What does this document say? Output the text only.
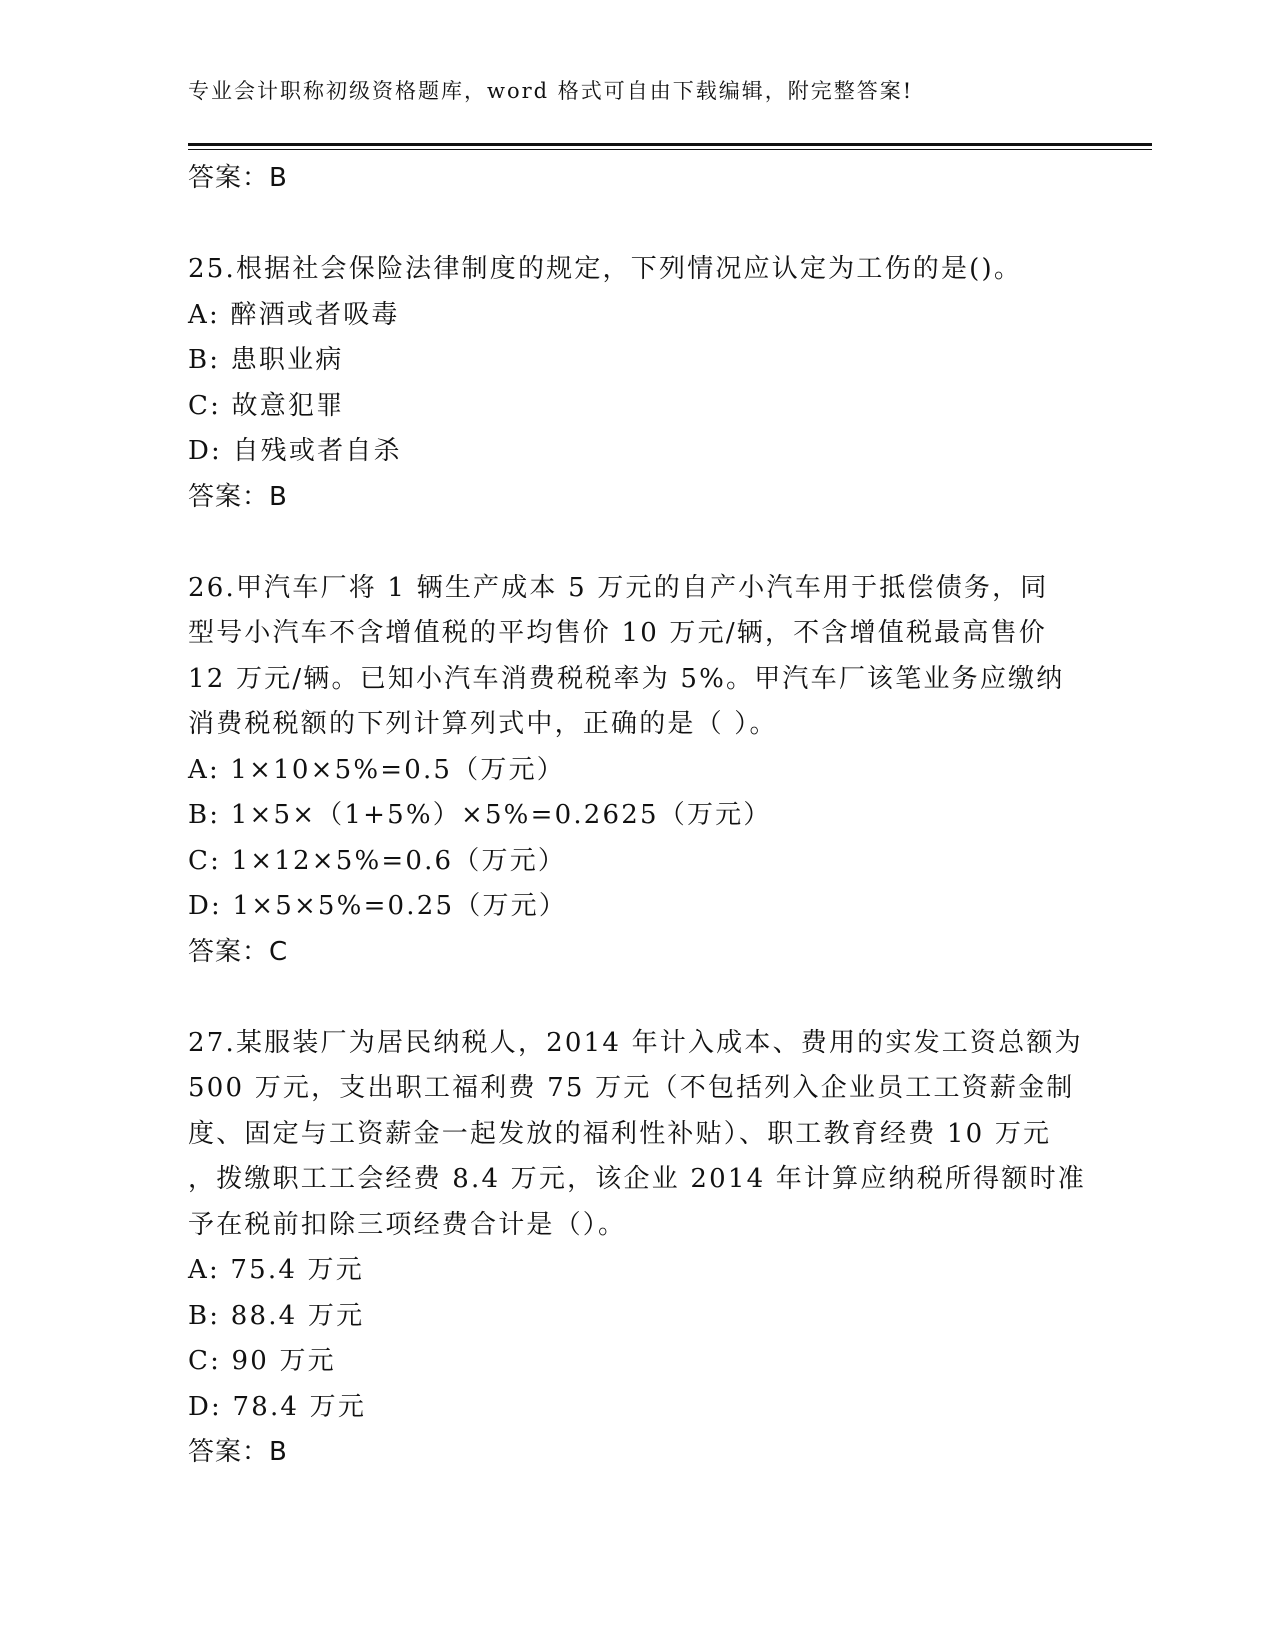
专业会计职称初级资格题库，word 格式可自由下载编辑，附完整答案!
答案：B
25.根据社会保险法律制度的规定，下列情况应认定为工伤的是()。
A: 醉酒或者吸毒
B: 患职业病
C: 故意犯罪
D: 自残或者自杀
答案：B
26.甲汽车厂将 1 辆生产成本 5 万元的自产小汽车用于抵偿债务，同
型号小汽车不含增值税的平均售价 10 万元/辆，不含增值税最高售价
12 万元/辆。已知小汽车消费税税率为 5%。甲汽车厂该笔业务应缴纳
消费税税额的下列计算列式中，正确的是（ ）。
A: 1×10×5%=0.5（万元）
B: 1×5×（1+5%）×5%=0.2625（万元）
C: 1×12×5%=0.6（万元）
D: 1×5×5%=0.25（万元）
答案：C
27.某服装厂为居民纳税人，2014 年计入成本、费用的实发工资总额为
500 万元，支出职工福利费 75 万元（不包括列入企业员工工资薪金制
度、固定与工资薪金一起发放的福利性补贴）、职工教育经费 10 万元
，拨缴职工工会经费 8.4 万元，该企业 2014 年计算应纳税所得额时准
予在税前扣除三项经费合计是（）。
A: 75.4 万元
B: 88.4 万元
C: 90 万元
D: 78.4 万元
答案：B
